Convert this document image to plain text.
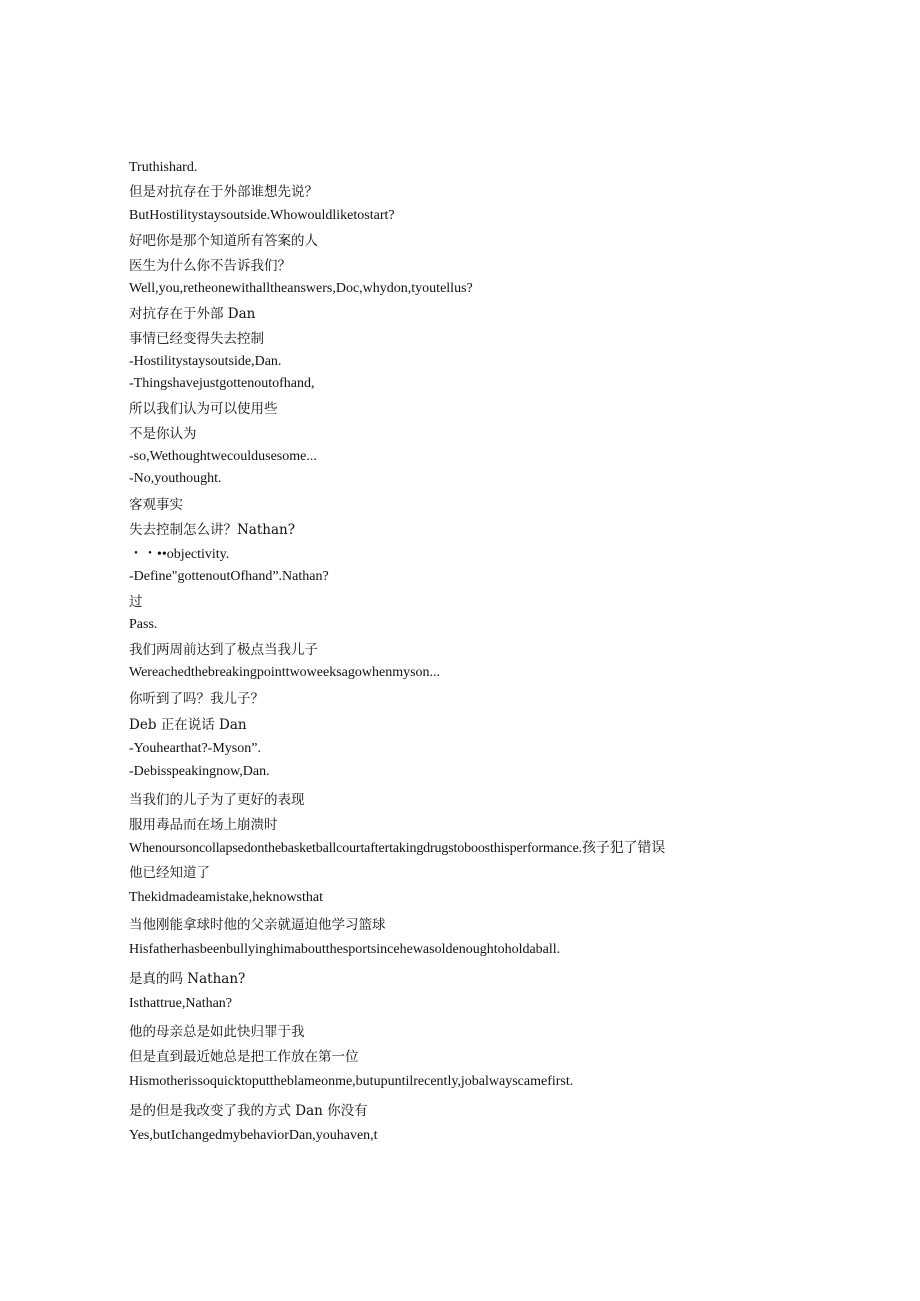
Truthishard.
但是对抗存在于外部谁想先说？
ButHostilitystaysoutside.Whowouldliketostart?
好吧你是那个知道所有答案的人
医生为什么你不告诉我们？
Well,you,retheonewithalltheanswers,Doc,whydon,tyoutellus?
对抗存在于外部 Dan
事情已经变得失去控制
-Hostilitystaysoutside,Dan.
-Thingshavejustgottenoutofhand,
所以我们认为可以使用些
不是你认为
-so,Wethoughtwecouldusesome...
-No,youthought.
客观事实
失去控制怎么讲？Nathan?
・・••objectivity.
-Define"gottenoutOfhand”.Nathan?
过
Pass.
我们两周前达到了极点当我儿子
Wereachedthebreakingpointtwoweeksagowhenmyson...
你听到了吗？我儿子？
Deb 正在说话 Dan
-Youhearthat?-Myson”.
-Debisspeakingnow,Dan.
当我们的儿子为了更好的表现
服用毒品而在场上崩溃时
Whenoursoncollapsedonthebasketballcourtaftertakingdrugstoboosthisperformance.孩子犯了错误
他已经知道了
Thekidmadeamistake,heknowsthat
当他刚能拿球时他的父亲就逼迫他学习篮球
Hisfatherhasbeenbullyinghimaboutthesportsincehewasoldenoughtoholdaball.
是真的吗 Nathan?
Isthattrue,Nathan?
他的母亲总是如此快归罪于我
但是直到最近她总是把工作放在第一位
Hismotherissoquicktoputtheblameonme,butupuntilrecently,jobalwayscamefirst.
是的但是我改变了我的方式 Dan 你没有
Yes,butIchangedmybehaviorDan,youhaven,t
